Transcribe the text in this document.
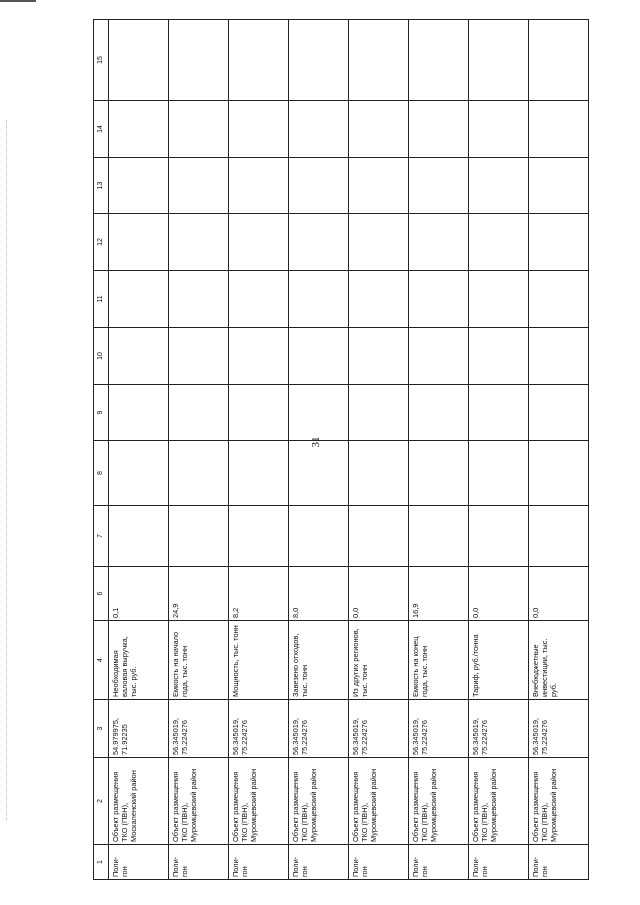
31
1	2	3	4	6	7	8	9	10	11	12	13	14	15
Поли-гон	Объект размещения ТКО (ПВН), Москаленский район	54.979975, 71.92235	Необходимая валовая выручка, тыс. руб.	0,1									
Поли-гон	Объект размещения ТКО (ПВН), Муромцевский район	56.345019, 75.224276	Емкость на начало года, тыс. тонн	24,9									
Поли-гон	Объект размещения ТКО (ПВН), Муромцевский район	56.345019, 75.224276	Мощность, тыс. тонн	8,2									
Поли-гон	Объект размещения ТКО (ПВН), Муромцевский район	56.345019, 75.224276	Завезено отходов, тыс. тонн	8,0									
Поли-гон	Объект размещения ТКО (ПВН), Муромцевский район	56.345019, 75.224276	Из других регионов, тыс. тонн	0,0									
Поли-гон	Объект размещения ТКО (ПВН), Муромцевский район	56.345019, 75.224276	Емкость на конец года, тыс. тонн	16,9									
Поли-гон	Объект размещения ТКО (ПВН), Муромцевский район	56.345019, 75.224276	Тариф, руб./тонна	0,0									
Поли-гон	Объект размещения ТКО (ПВН), Муромцевский район	56.345019, 75.224276	Внебюджетные инвестиции, тыс. руб.	0,0									
